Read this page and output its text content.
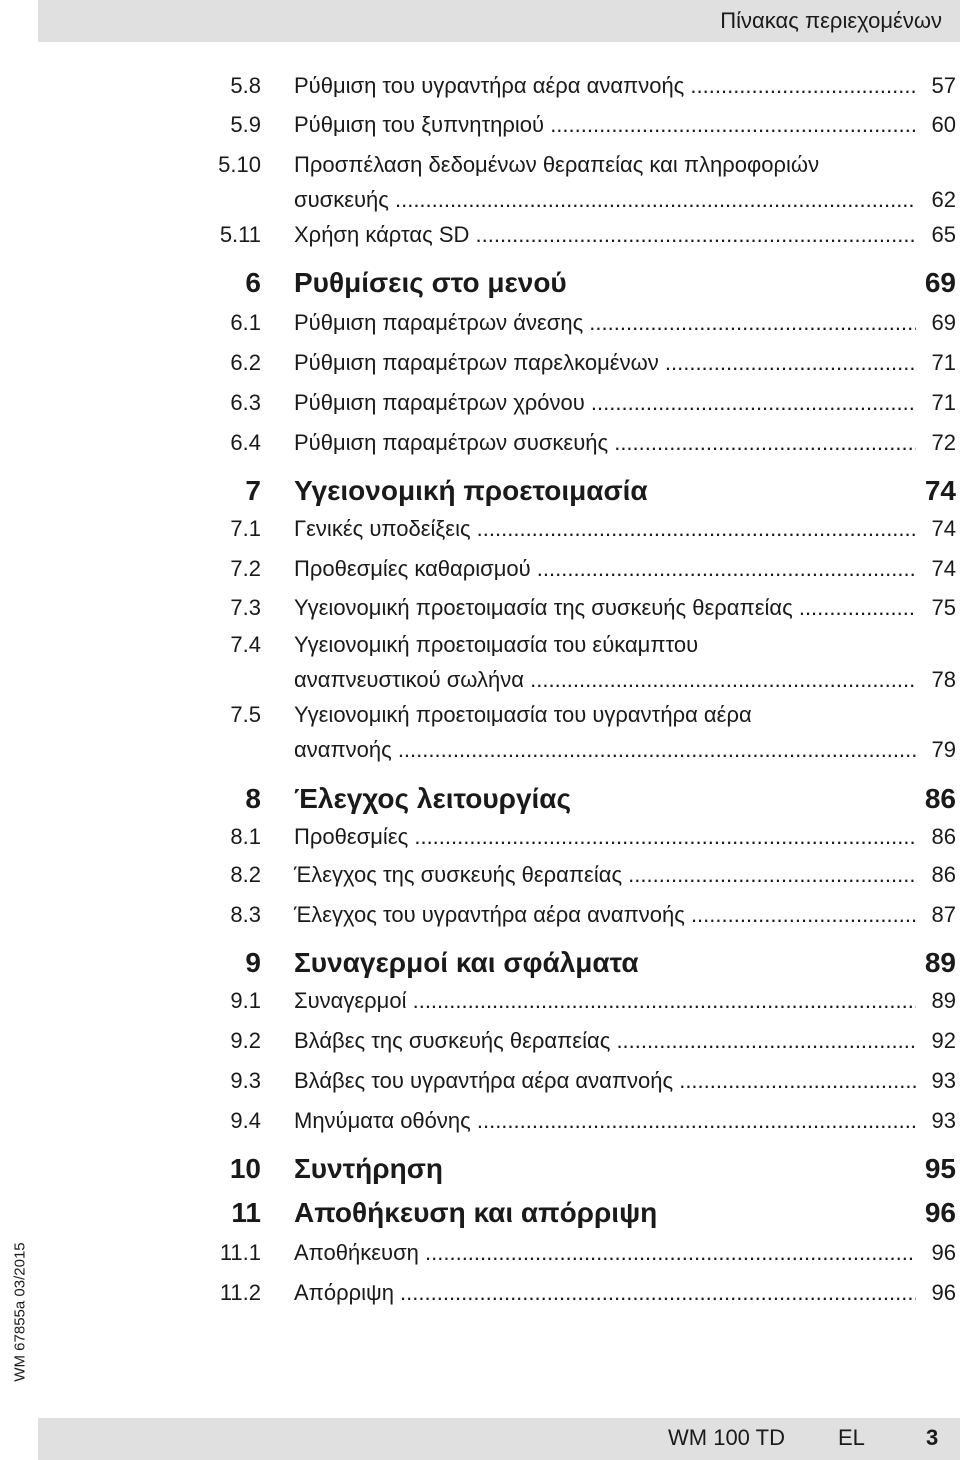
Πίνακας περιεχομένων
5.8 Ρύθμιση του υγραντήρα αέρα αναπνοής .....	57
5.9 Ρύθμιση του ξυπνητηριού .....	60
5.10 Προσπέλαση δεδομένων θεραπείας και πληροφοριών
συσκευής .....	62
5.11 Χρήση κάρτας SD .....	65
6 Ρυθμίσεις στο μενού	69
6.1 Ρύθμιση παραμέτρων άνεσης .....	69
6.2 Ρύθμιση παραμέτρων παρελκομένων .....	71
6.3 Ρύθμιση παραμέτρων χρόνου .....	71
6.4 Ρύθμιση παραμέτρων συσκευής .....	72
7 Υγειονομική προετοιμασία	74
7.1 Γενικές υποδείξεις .....	74
7.2 Προθεσμίες καθαρισμού .....	74
7.3 Υγειονομική προετοιμασία της συσκευής θεραπείας .....	75
7.4 Υγειονομική προετοιμασία του εύκαμπτου
αναπνευστικού σωλήνα .....	78
7.5 Υγειονομική προετοιμασία του υγραντήρα αέρα
αναπνοής .....	79
8 Έλεγχος λειτουργίας	86
8.1 Προθεσμίες .....	86
8.2 Έλεγχος της συσκευής θεραπείας .....	86
8.3 Έλεγχος του υγραντήρα αέρα αναπνοής .....	87
9 Συναγερμοί και σφάλματα	89
9.1 Συναγερμοί .....	89
9.2 Βλάβες της συσκευής θεραπείας .....	92
9.3 Βλάβες του υγραντήρα αέρα αναπνοής .....	93
9.4 Μηνύματα οθόνης .....	93
10 Συντήρηση	95
11 Αποθήκευση και απόρριψη	96
11.1 Αποθήκευση .....	96
11.2 Απόρριψη .....	96
WM 67855a 03/2015
WM 100 TD EL	3
